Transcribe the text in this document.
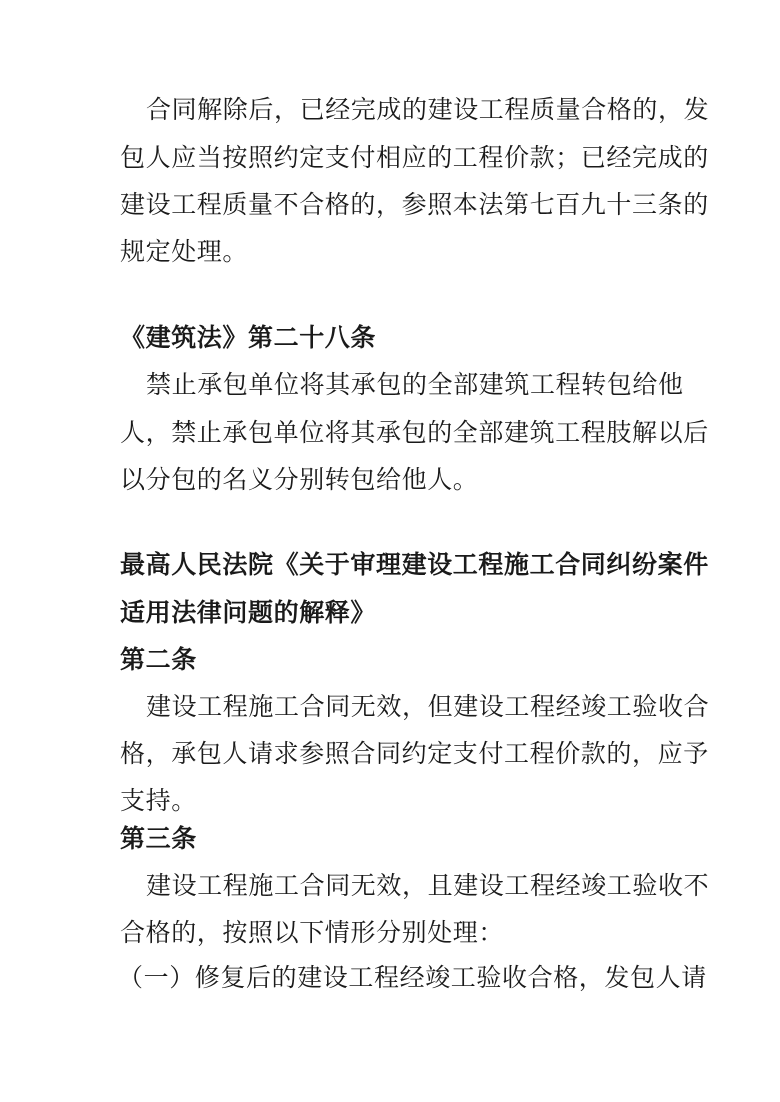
合同解除后，已经完成的建设工程质量合格的，发
包人应当按照约定支付相应的工程价款；已经完成的
建设工程质量不合格的，参照本法第七百九十三条的
规定处理。
《建筑法》第二十八条
禁止承包单位将其承包的全部建筑工程转包给他
人，禁止承包单位将其承包的全部建筑工程肢解以后
以分包的名义分别转包给他人。
最高人民法院《关于审理建设工程施工合同纠纷案件
适用法律问题的解释》
第二条
建设工程施工合同无效，但建设工程经竣工验收合
格，承包人请求参照合同约定支付工程价款的，应予
支持。
第三条
建设工程施工合同无效，且建设工程经竣工验收不
合格的，按照以下情形分别处理：
（一）修复后的建设工程经竣工验收合格，发包人请
